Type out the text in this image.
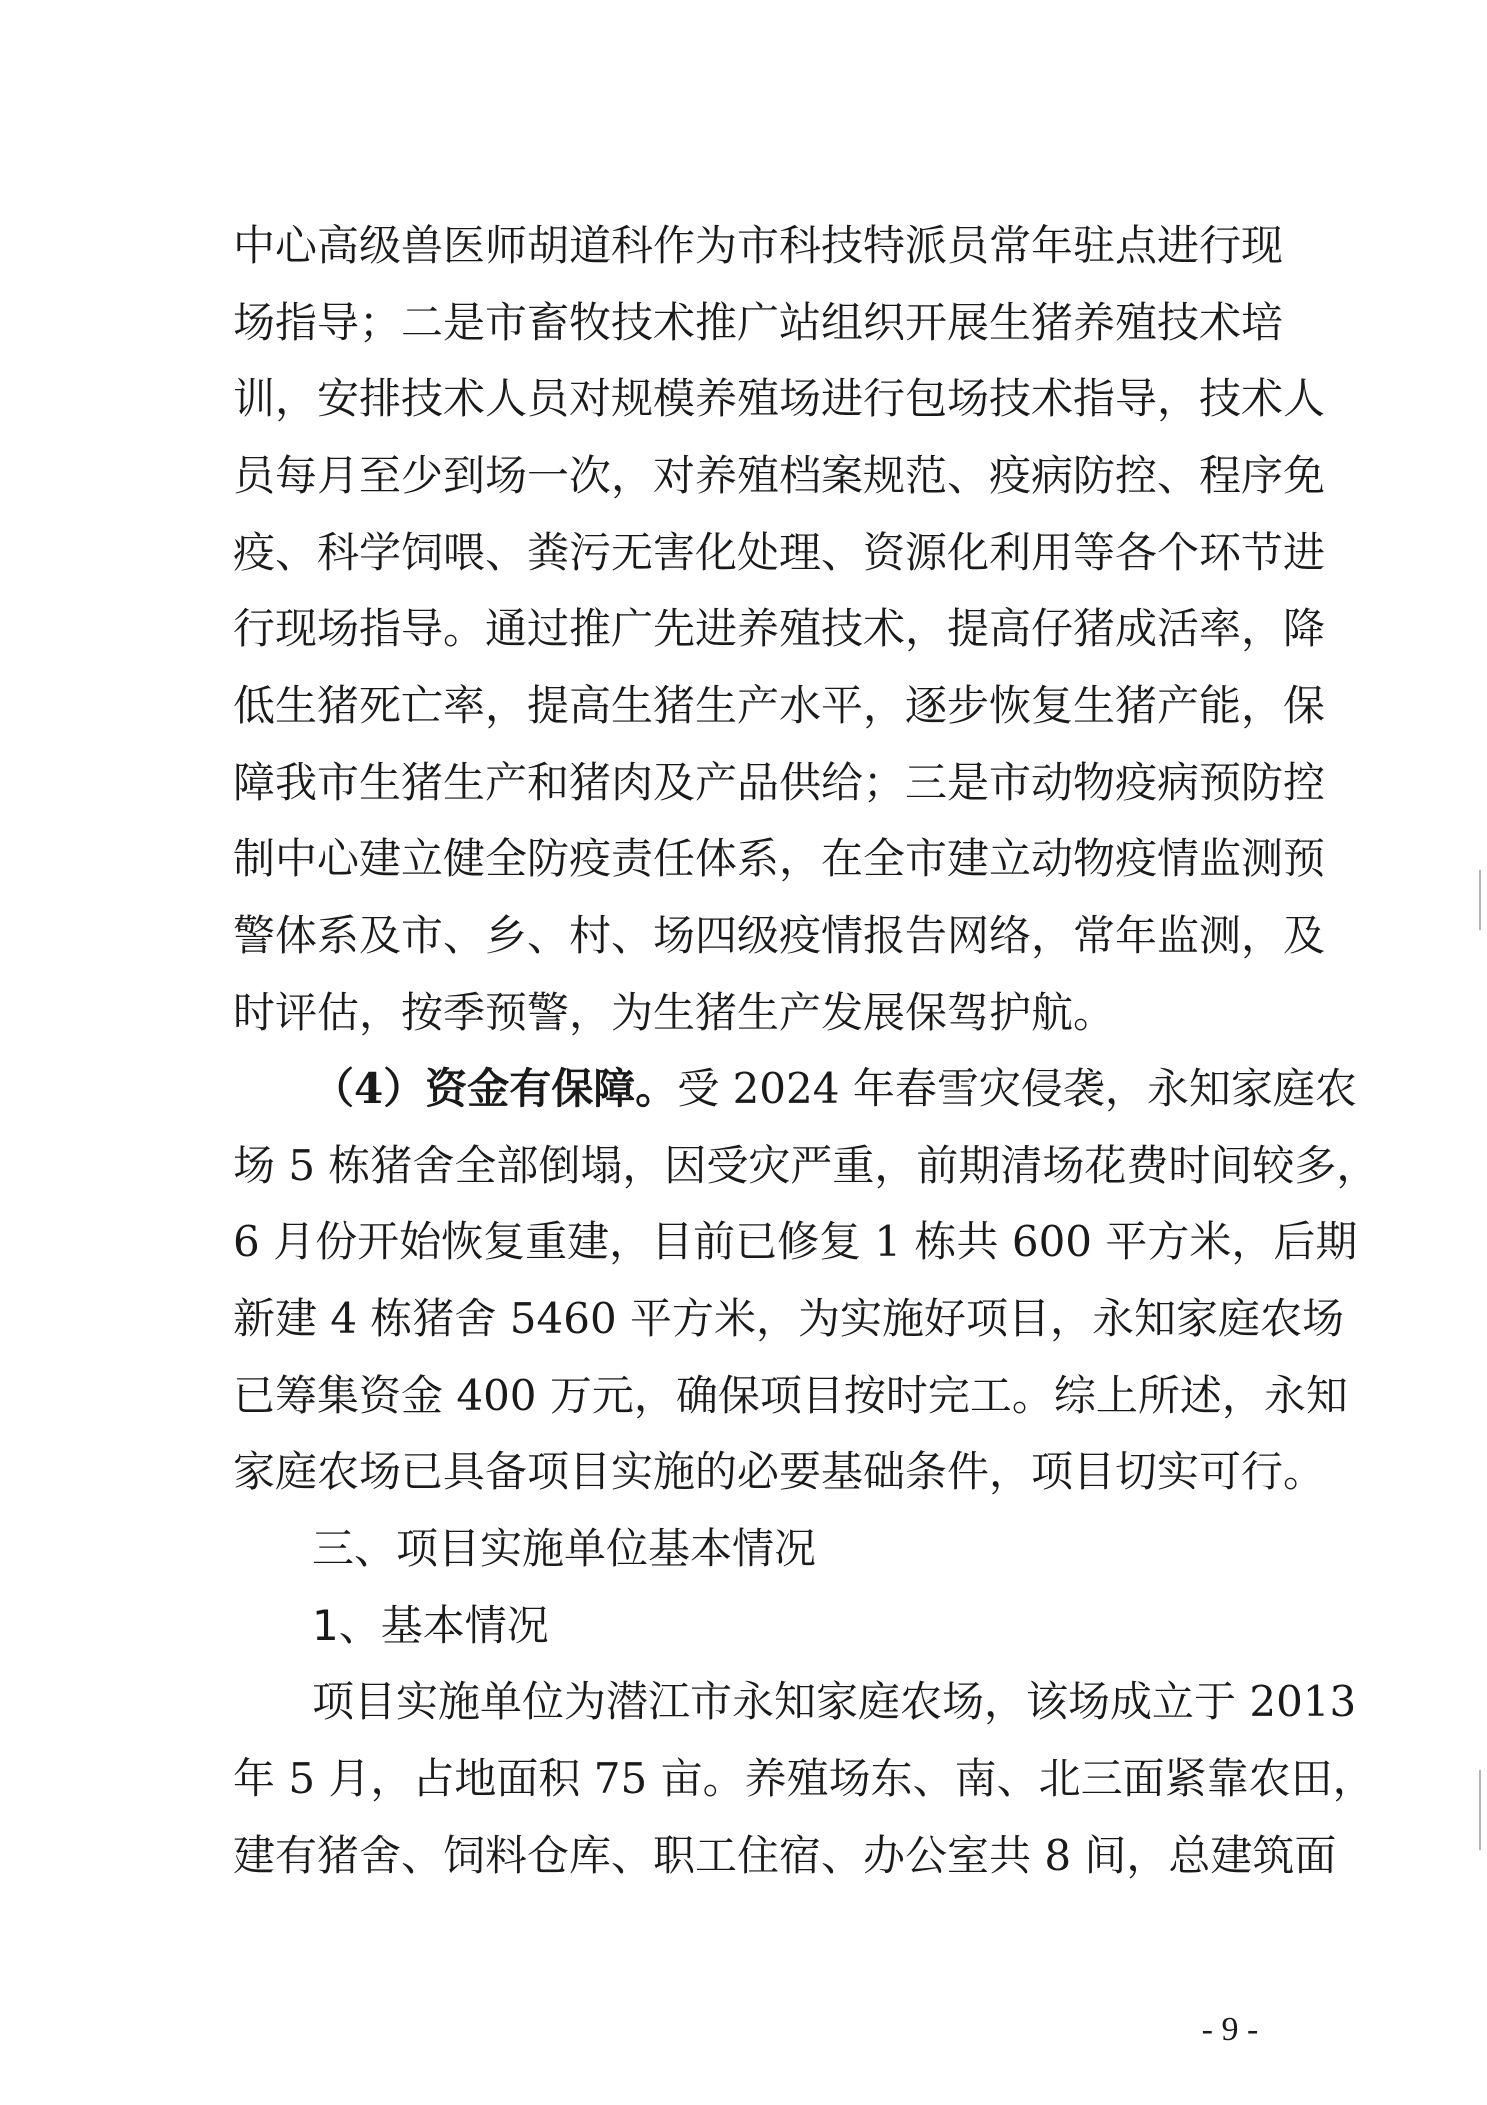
中心高级兽医师胡道科作为市科技特派员常年驻点进行现
场指导；二是市畜牧技术推广站组织开展生猪养殖技术培
训，安排技术人员对规模养殖场进行包场技术指导，技术人
员每月至少到场一次，对养殖档案规范、疫病防控、程序免
疫、科学饲喂、粪污无害化处理、资源化利用等各个环节进
行现场指导。通过推广先进养殖技术，提高仔猪成活率，降
低生猪死亡率，提高生猪生产水平，逐步恢复生猪产能，保
障我市生猪生产和猪肉及产品供给；三是市动物疫病预防控
制中心建立健全防疫责任体系，在全市建立动物疫情监测预
警体系及市、乡、村、场四级疫情报告网络，常年监测，及
时评估，按季预警，为生猪生产发展保驾护航。
（4）资金有保障。受 2024 年春雪灾侵袭，永知家庭农
场 5 栋猪舍全部倒塌，因受灾严重，前期清场花费时间较多，
6 月份开始恢复重建，目前已修复 1 栋共 600 平方米，后期
新建 4 栋猪舍 5460 平方米，为实施好项目，永知家庭农场
已筹集资金 400 万元，确保项目按时完工。综上所述，永知
家庭农场已具备项目实施的必要基础条件，项目切实可行。
三、项目实施单位基本情况
1、基本情况
项目实施单位为潜江市永知家庭农场，该场成立于 2013
年 5 月，占地面积 75 亩。养殖场东、南、北三面紧靠农田，
建有猪舍、饲料仓库、职工住宿、办公室共 8 间，总建筑面
- 9 -
